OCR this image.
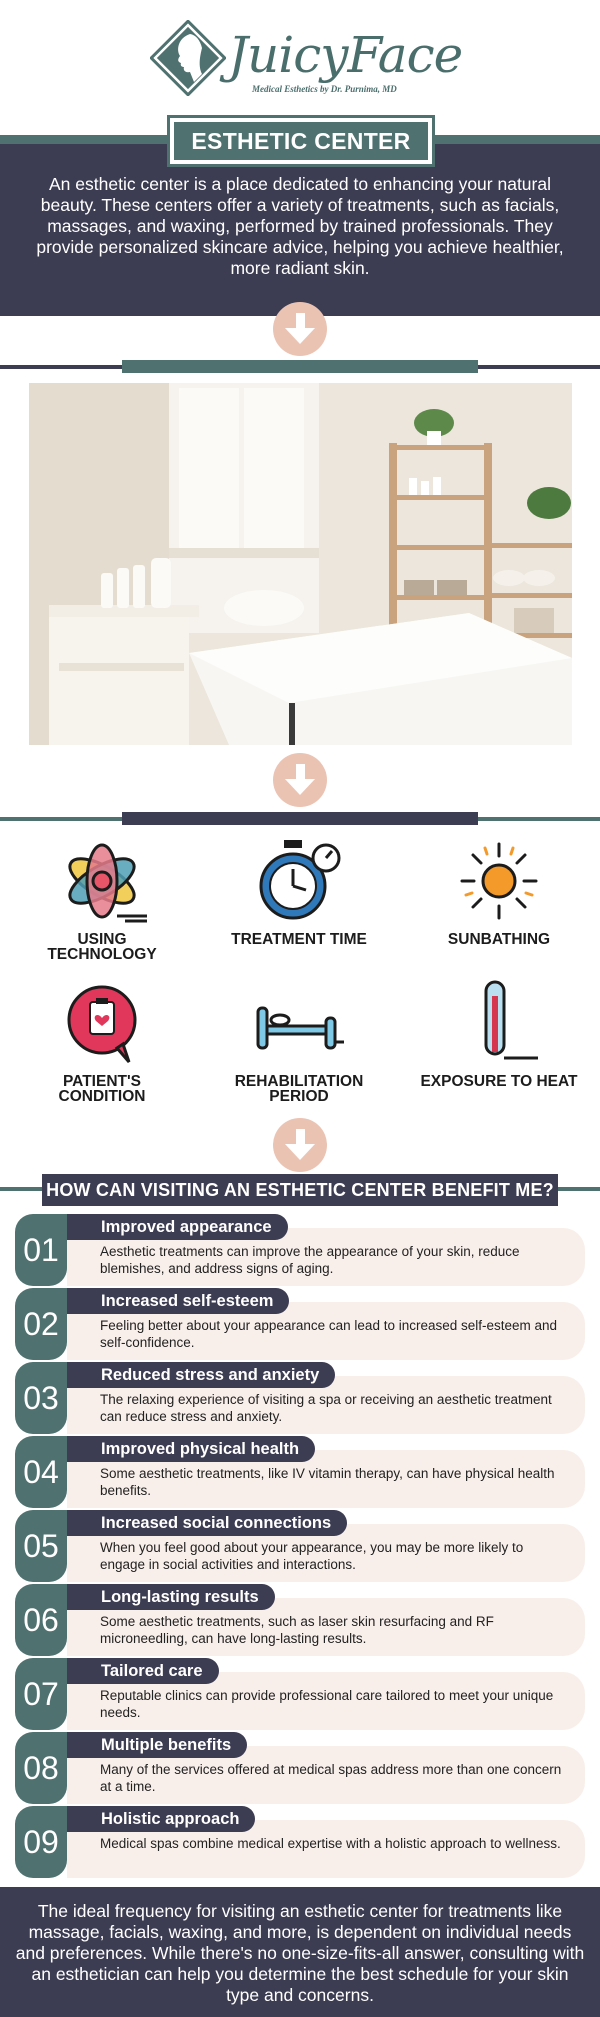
JuicyFace
Medical Esthetics by Dr. Purnima, MD
An esthetic center is a place dedicated to enhancing your natural beauty. These centers offer a variety of treatments, such as facials, massages, and waxing, performed by trained professionals. They provide personalized skincare advice, helping you achieve healthier, more radiant skin.
ESTHETIC CENTER
USING TECHNOLOGY
TREATMENT TIME	SUNBATHING
PATIENT'S CONDITION
REHABILITATION PERIOD
EXPOSURE TO HEAT
HOW CAN VISITING AN ESTHETIC CENTER BENEFIT ME?
01
Improved appearance
Aesthetic treatments can improve the appearance of your skin, reduce blemishes, and address signs of aging.
02
Increased self-esteem
Feeling better about your appearance can lead to increased self-esteem and self-confidence.
03
Reduced stress and anxiety
The relaxing experience of visiting a spa or receiving an aesthetic treatment can reduce stress and anxiety.
04
Improved physical health
Some aesthetic treatments, like IV vitamin therapy, can have physical health benefits.
05
Increased social connections
When you feel good about your appearance, you may be more likely to engage in social activities and interactions.
06
Long-lasting results
Some aesthetic treatments, such as laser skin resurfacing and RF microneedling, can have long-lasting results.
07
Tailored care
Reputable clinics can provide professional care tailored to meet your unique needs.
08
Multiple benefits
Many of the services offered at medical spas address more than one concern at a time.
09
Holistic approach
Medical spas combine medical expertise with a holistic approach to wellness.
The ideal frequency for visiting an esthetic center for treatments like massage, facials, waxing, and more, is dependent on individual needs and preferences. While there's no one-size-fits-all answer, consulting with an esthetician can help you determine the best schedule for your skin type and concerns.
